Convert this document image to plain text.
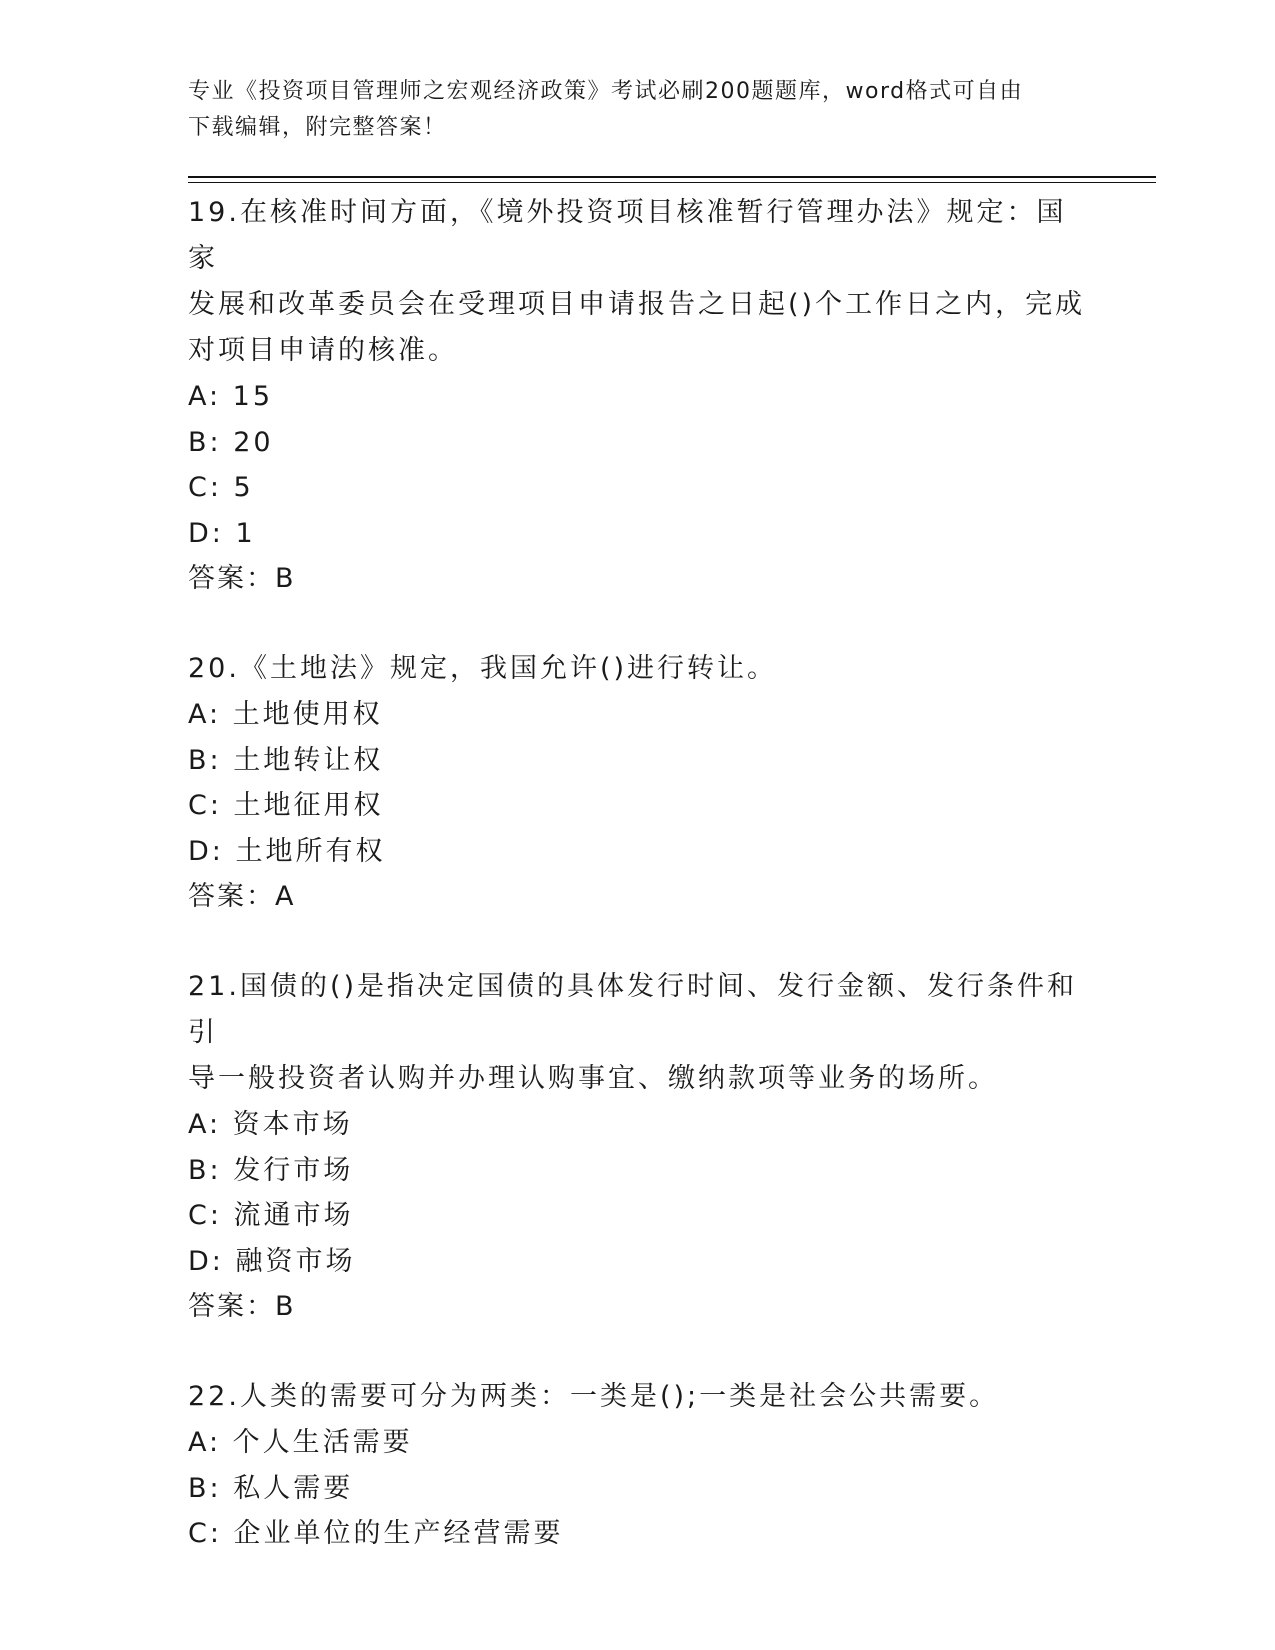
专业《投资项目管理师之宏观经济政策》考试必刷200题题库，word格式可自由
下载编辑，附完整答案！

19.在核准时间方面，《境外投资项目核准暂行管理办法》规定：国家

发展和改革委员会在受理项目申请报告之日起()个工作日之内，完成

对项目申请的核准。

A: 15

B: 20

C: 5

D: 1

答案：B

20.《土地法》规定，我国允许()进行转让。

A: 土地使用权

B: 土地转让权

C: 土地征用权

D: 土地所有权

答案：A

21.国债的()是指决定国债的具体发行时间、发行金额、发行条件和引

导一般投资者认购并办理认购事宜、缴纳款项等业务的场所。

A: 资本市场

B: 发行市场

C: 流通市场

D: 融资市场

答案：B

22.人类的需要可分为两类：一类是();一类是社会公共需要。

A: 个人生活需要

B: 私人需要

C: 企业单位的生产经营需要
